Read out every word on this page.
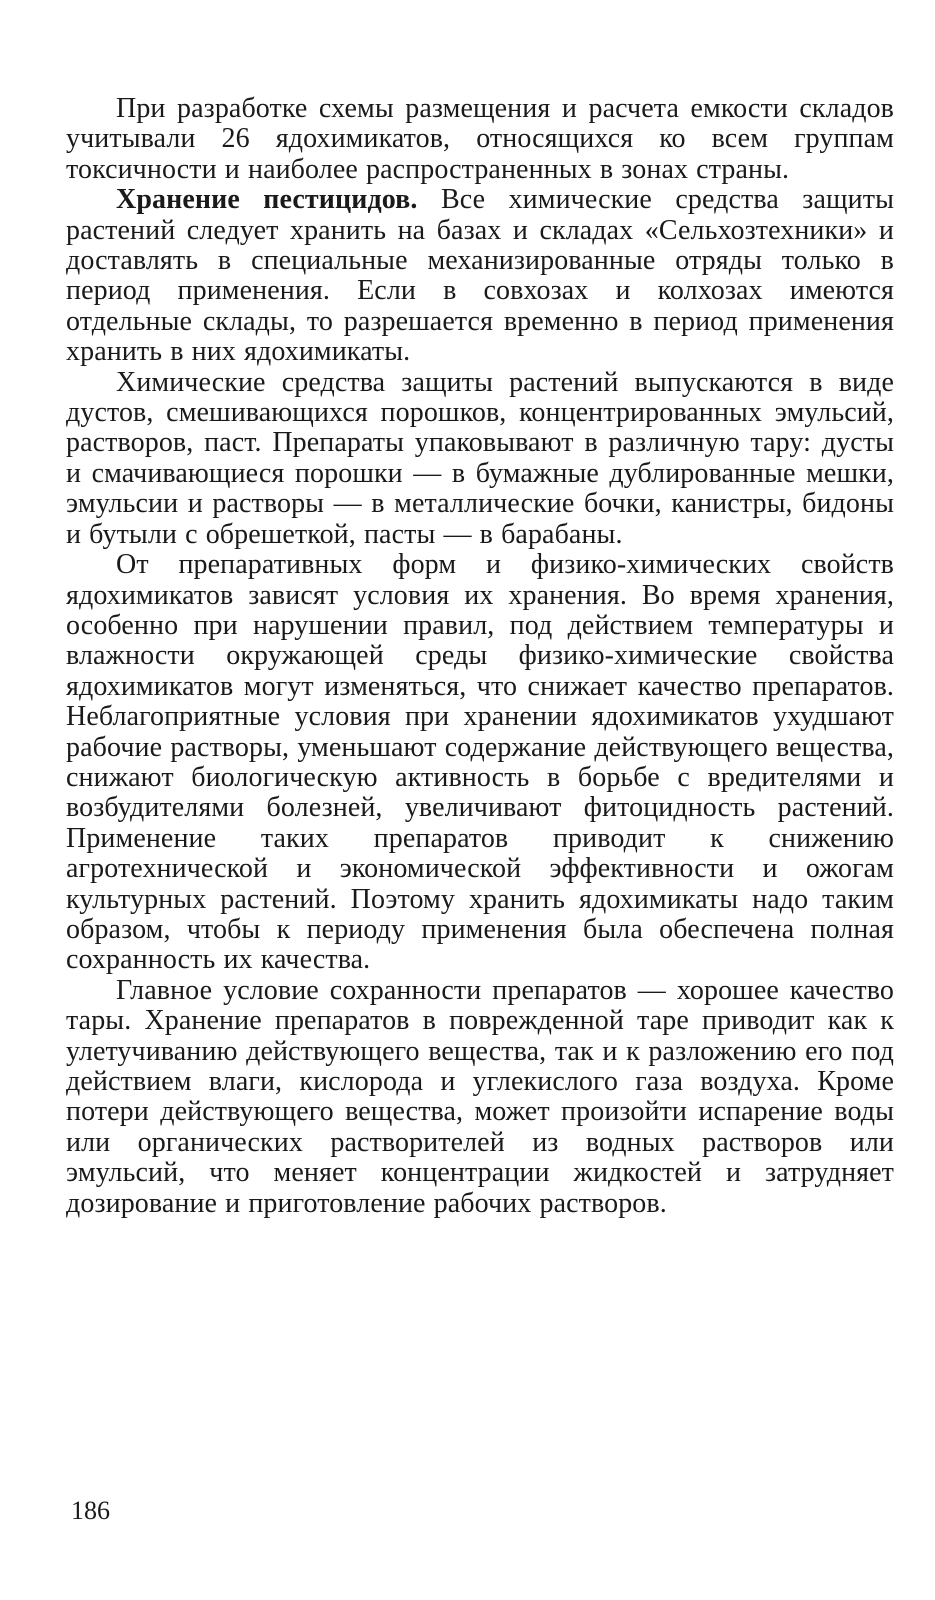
При разработке схемы размещения и расчета емкости складов учитывали 26 ядохимикатов, относящихся ко всем группам токсичности и наиболее распространенных в зонах страны.

Хранение пестицидов. Все химические средства защиты растений следует хранить на базах и складах «Сельхозтехники» и доставлять в специальные механизированные отряды только в период применения. Если в совхозах и колхозах имеются отдельные склады, то разрешается временно в период применения хранить в них ядохимикаты.

Химические средства защиты растений выпускаются в виде дустов, смешивающихся порошков, концентрированных эмульсий, растворов, паст. Препараты упаковывают в различную тару: дусты и смачивающиеся порошки — в бумажные дублированные мешки, эмульсии и растворы — в металлические бочки, канистры, бидоны и бутыли с обрешеткой, пасты — в барабаны.

От препаративных форм и физико-химических свойств ядохимикатов зависят условия их хранения. Во время хранения, особенно при нарушении правил, под действием температуры и влажности окружающей среды физико-химические свойства ядохимикатов могут изменяться, что снижает качество препаратов. Неблагоприятные условия при хранении ядохимикатов ухудшают рабочие растворы, уменьшают содержание действующего вещества, снижают биологическую активность в борьбе с вредителями и возбудителями болезней, увеличивают фитоцидность растений. Применение таких препаратов приводит к снижению агротехнической и экономической эффективности и ожогам культурных растений. Поэтому хранить ядохимикаты надо таким образом, чтобы к периоду применения была обеспечена полная сохранность их качества.

Главное условие сохранности препаратов — хорошее качество тары. Хранение препаратов в поврежденной таре приводит как к улетучиванию действующего вещества, так и к разложению его под действием влаги, кислорода и углекислого газа воздуха. Кроме потери действующего вещества, может произойти испарение воды или органических растворителей из водных растворов или эмульсий, что меняет концентрации жидкостей и затрудняет дозирование и приготовление рабочих растворов.

186
